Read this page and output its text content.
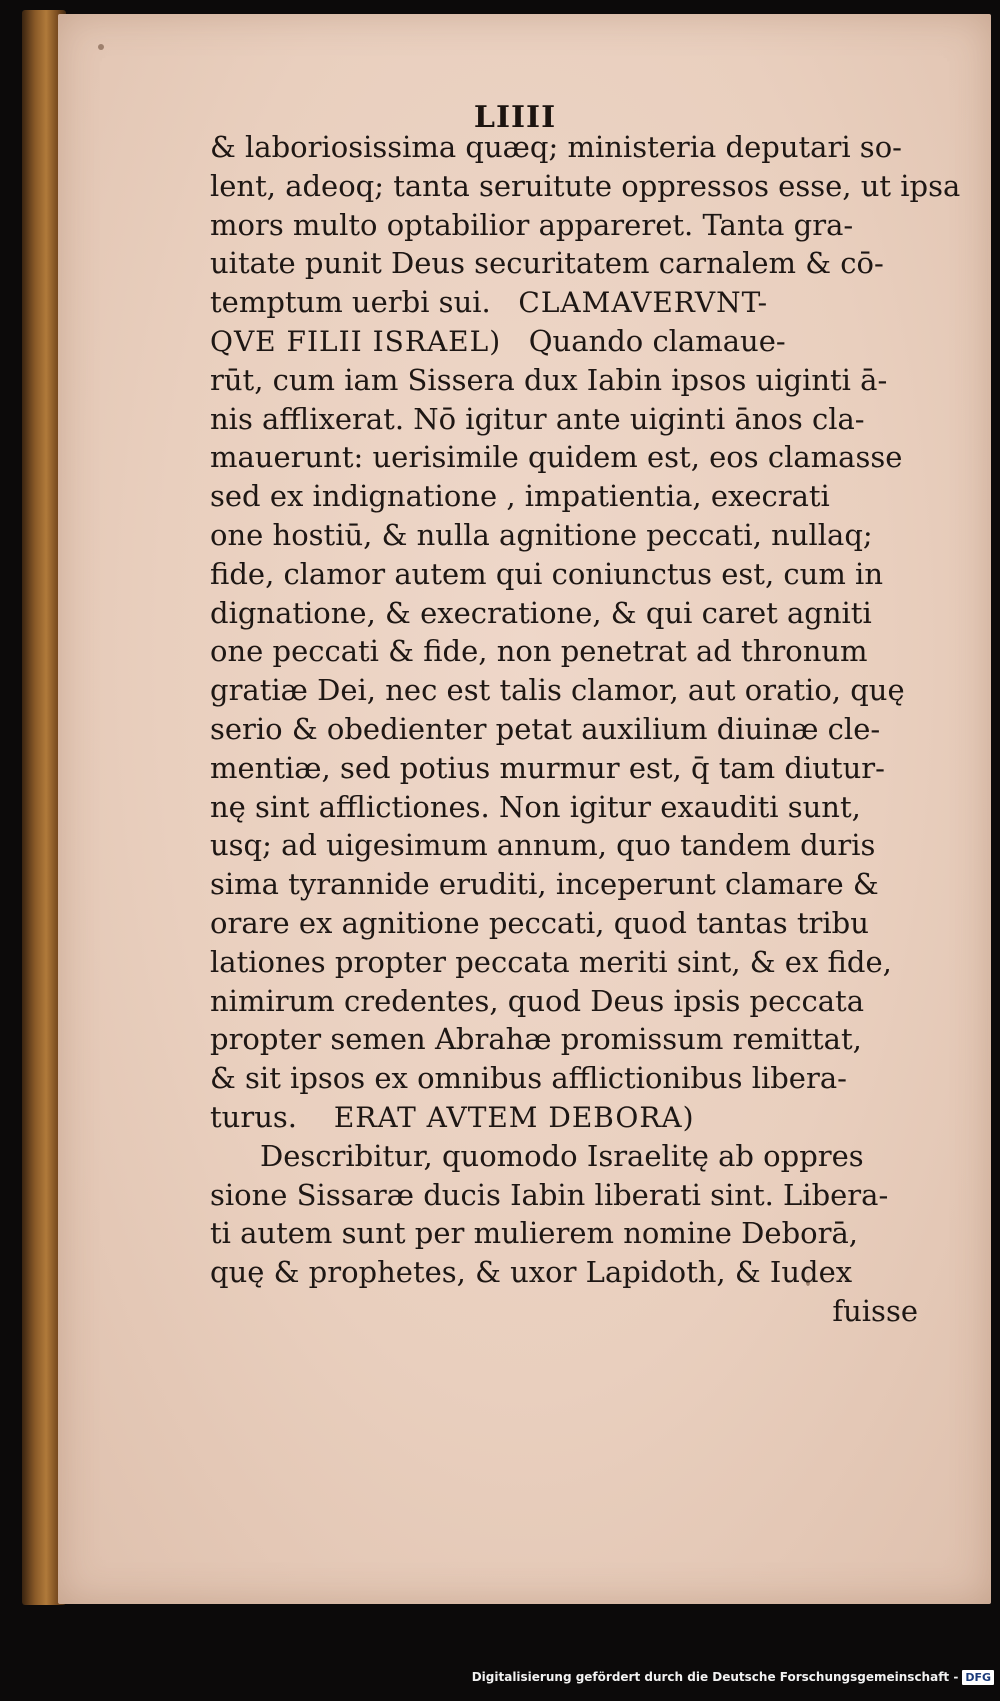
LIIII
& laboriosissima quæq; ministeria deputari so-
lent, adeoq; tanta seruitute oppressos esse, ut ipsa
mors multo optabilior appareret. Tanta gra-
uitate punit Deus securitatem carnalem & cō-
temptum uerbi sui. CLAMAVERVNT-
QVE FILII ISRAEL) Quando clamaue-
rūt, cum iam Sissera dux Iabin ipsos uiginti ā-
nis afflixerat. Nō igitur ante uiginti ānos cla-
mauerunt: uerisimile quidem est, eos clamasse
sed ex indignatione , impatientia, execrati
one hostiū, & nulla agnitione peccati, nullaq;
fide, clamor autem qui coniunctus est, cum in
dignatione, & execratione, & qui caret agniti
one peccati & fide, non penetrat ad thronum
gratiæ Dei, nec est talis clamor, aut oratio, quę
serio & obedienter petat auxilium diuinæ cle-
mentiæ, sed potius murmur est, q̄ tam diutur-
nę sint afflictiones. Non igitur exauditi sunt,
usq; ad uigesimum annum, quo tandem duris
sima tyrannide eruditi, inceperunt clamare &
orare ex agnitione peccati, quod tantas tribu
lationes propter peccata meriti sint, & ex fide,
nimirum credentes, quod Deus ipsis peccata
propter semen Abrahæ promissum remittat,
& sit ipsos ex omnibus afflictionibus libera-
turus. ERAT AVTEM DEBORA)
Describitur, quomodo Israelitę ab oppres
sione Sissaræ ducis Iabin liberati sint. Libera-
ti autem sunt per mulierem nomine Deborā,
quę & prophetes, & uxor Lapidoth, & Iudex
fuisse
Digitalisierung gefördert durch die Deutsche Forschungsgemeinschaft - DFG
